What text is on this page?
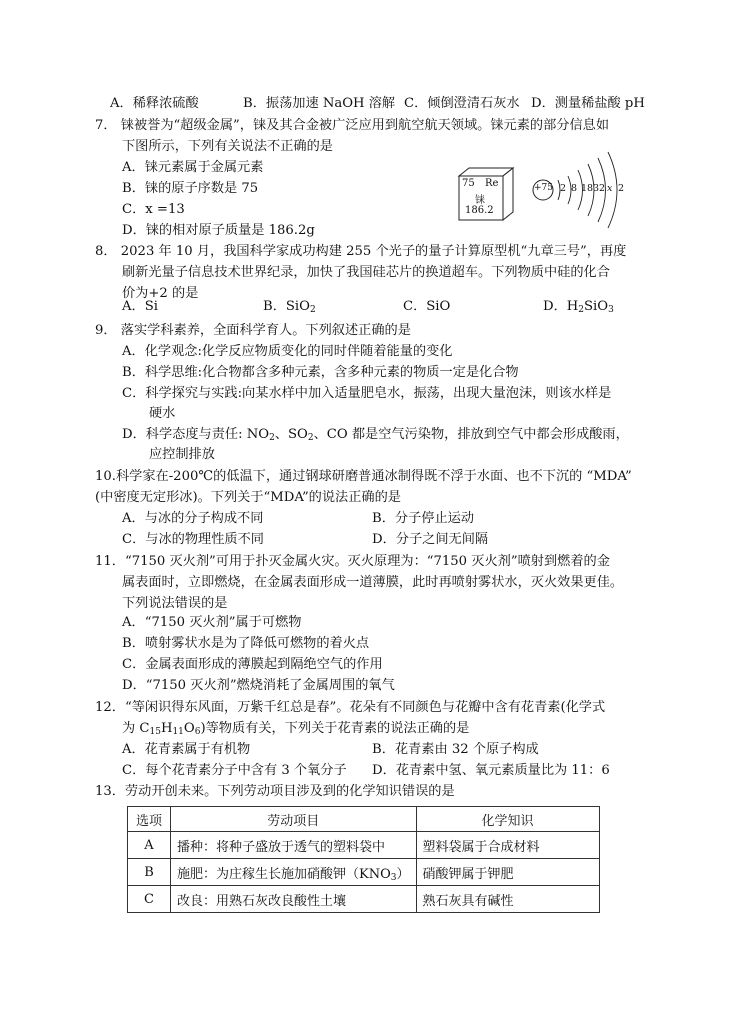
A．稀释浓硫酸	B．振荡加速 NaOH 溶解 C．倾倒澄清石灰水 D．测量稀盐酸 pH
7． 铼被誉为“超级金属”，铼及其合金被广泛应用到航空航天领域。铼元素的部分信息如
下图所示，下列有关说法不正确的是
A．铼元素属于金属元素
B．铼的原子序数是 75
C．x =13
D．铼的相对原子质量是 186.2g
75 Re
铼
186.2
+75 2 8 18 32 x 2
8． 2023 年 10 月，我国科学家成功构建 255 个光子的量子计算原型机“九章三号”，再度
刷新光量子信息技术世界纪录，加快了我国硅芯片的换道超车。下列物质中硅的化合
价为+2 的是
A．Si	B．SiO$_2$	C．SiO	D．$H_2SiO_3$
9． 落实学科素养，全面科学育人。下列叙述正确的是
A．化学观念:化学反应物质变化的同时伴随着能量的变化
B．科学思维:化合物都含多种元素，含多种元素的物质一定是化合物
C．科学探究与实践:向某水样中加入适量肥皂水，振荡，出现大量泡沫，则该水样是
硬水
D．科学态度与责任: $NO_2$、$SO_2$、CO 都是空气污染物，排放到空气中都会形成酸雨，
应控制排放
10.科学家在-200℃的低温下，通过钢球研磨普通冰制得既不浮于水面、也不下沉的 “MDA”
(中密度无定形冰)。下列关于“MDA”的说法正确的是
A．与冰的分子构成不同	B．分子停止运动
C．与冰的物理性质不同	D．分子之间无间隔
11．“7150 灭火剂”可用于扑灭金属火灾。灭火原理为：“7150 灭火剂”喷射到燃着的金
属表面时，立即燃烧，在金属表面形成一道薄膜，此时再喷射雾状水，灭火效果更佳。
下列说法错误的是
A．“7150 灭火剂”属于可燃物
B．喷射雾状水是为了降低可燃物的着火点
C．金属表面形成的薄膜起到隔绝空气的作用
D．“7150 灭火剂”燃烧消耗了金属周围的氧气
12．“等闲识得东风面，万紫千红总是春”。花朵有不同颜色与花瓣中含有花青素(化学式
为 $C_{15}H_{11}O_6$)等物质有关，下列关于花青素的说法正确的是
A．花青素属于有机物	B．花青素由 32 个原子构成
C．每个花青素分子中含有 3 个氧分子 D．花青素中氢、氧元素质量比为 11：6
13．劳动开创未来。下列劳动项目涉及到的化学知识错误的是
选项	劳动项目	化学知识
A	播种：将种子盛放于透气的塑料袋中	塑料袋属于合成材料
B	施肥：为庄稼生长施加硝酸钾$(KNO_3)$	硝酸钾属于钾肥
C	改良：用熟石灰改良酸性土壤	熟石灰具有碱性
